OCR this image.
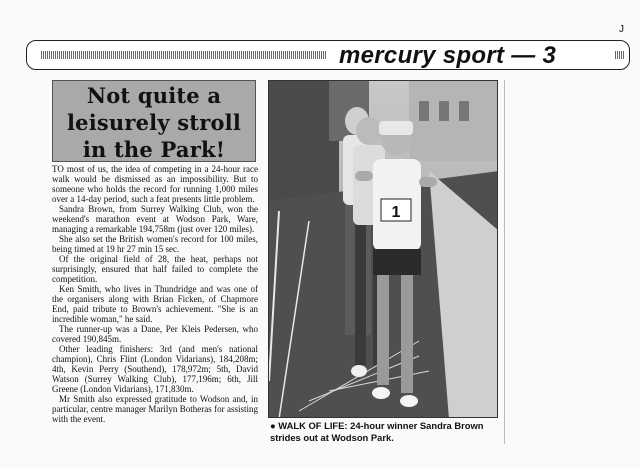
mercury sport — 3
J
Not quite a
leisurely stroll
in the Park!

TO most of us, the idea of competing in a 24-hour race walk would be dismissed as an impossibility. But to someone who holds the record for running 1,000 miles over a 14-day period, such a feat presents little problem.

Sandra Brown, from Surrey Walking Club, won the weekend's marathon event at Wodson Park, Ware, managing a remarkable 194,758m (just over 120 miles).

She also set the British women's record for 100 miles, being timed at 19 hr 27 min 15 sec.

Of the original field of 28, the heat, perhaps not surprisingly, ensured that half failed to complete the competition.

Ken Smith, who lives in Thundridge and was one of the organisers along with Brian Ficken, of Chapmore End, paid tribute to Brown's achievement. "She is an incredible woman," he said.

The runner-up was a Dane, Per Kleis Pedersen, who covered 190,845m.

Other leading finishers: 3rd (and men's national champion), Chris Flint (London Vidarians), 184,208m; 4th, Kevin Perry (Southend), 178,972m; 5th, David Watson (Surrey Walking Club), 177,196m; 6th, Jill Greene (London Vidarians), 171,830m.

Mr Smith also expressed gratitude to Wodson and, in particular, centre manager Marilyn Botheras for assisting with the event.

1
● WALK OF LIFE: 24-hour winner Sandra Brown strides out at Wodson Park.
